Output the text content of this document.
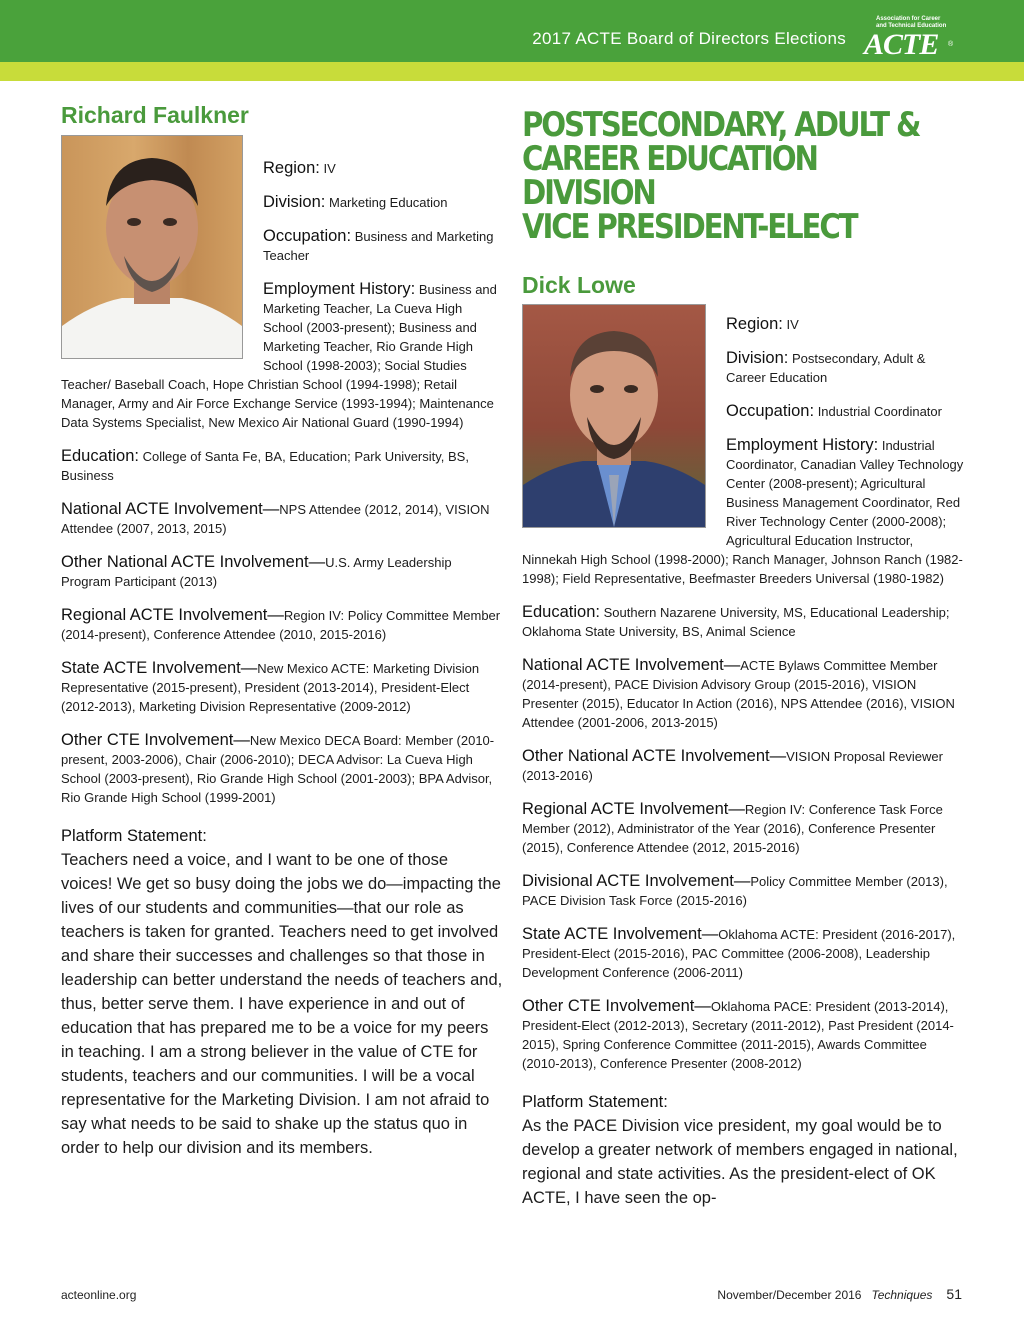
2017 ACTE Board of Directors Elections
Association for Career
and Technical Education
ACTE ®
Richard Faulkner

Region: IV

Division: Marketing Education

Occupation: Business and Marketing Teacher

Employment History: Business and Marketing Teacher, La Cueva High School (2003-present); Business and Marketing Teacher, Rio Grande High School (1998-2003); Social Studies Teacher/ Baseball Coach, Hope Christian School (1994-1998); Retail Manager, Army and Air Force Exchange Service (1993-1994); Maintenance Data Systems Specialist, New Mexico Air National Guard (1990-1994)

Education: College of Santa Fe, BA, Education; Park University, BS, Business

National ACTE Involvement—NPS Attendee (2012, 2014), VISION Attendee (2007, 2013, 2015)

Other National ACTE Involvement—U.S. Army Leadership Program Participant (2013)

Regional ACTE Involvement—Region IV: Policy Committee Member (2014-present), Conference Attendee (2010, 2015-2016)

State ACTE Involvement—New Mexico ACTE: Marketing Division Representative (2015-present), President (2013-2014), President-Elect (2012-2013), Marketing Division Representative (2009-2012)

Other CTE Involvement—New Mexico DECA Board: Member (2010-present, 2003-2006), Chair (2006-2010); DECA Advisor: La Cueva High School (2003-present), Rio Grande High School (2001-2003); BPA Advisor, Rio Grande High School (1999-2001)

Platform Statement:

Teachers need a voice, and I want to be one of those voices! We get so busy doing the jobs we do—impacting the lives of our students and communities—that our role as teachers is taken for granted. Teachers need to get involved and share their successes and challenges so that those in leadership can better understand the needs of teachers and, thus, better serve them. I have experience in and out of education that has prepared me to be a voice for my peers in teaching. I am a strong believer in the value of CTE for students, teachers and our communities. I will be a vocal representative for the Marketing Division. I am not afraid to say what needs to be said to shake up the status quo in order to help our division and its members.

POSTSECONDARY, ADULT &
CAREER EDUCATION DIVISION
VICE PRESIDENT-ELECT
Dick Lowe

Region: IV

Division: Postsecondary, Adult & Career Education

Occupation: Industrial Coordinator

Employment History: Industrial Coordinator, Canadian Valley Technology Center (2008-present); Agricultural Business Management Coordinator, Red River Technology Center (2000-2008); Agricultural Education Instructor, Ninnekah High School (1998-2000); Ranch Manager, Johnson Ranch (1982-1998); Field Representative, Beefmaster Breeders Universal (1980-1982)

Education: Southern Nazarene University, MS, Educational Leadership; Oklahoma State University, BS, Animal Science

National ACTE Involvement—ACTE Bylaws Committee Member (2014-present), PACE Division Advisory Group (2015-2016), VISION Presenter (2015), Educator In Action (2016), NPS Attendee (2016), VISION Attendee (2001-2006, 2013-2015)

Other National ACTE Involvement—VISION Proposal Reviewer (2013-2016)

Regional ACTE Involvement—Region IV: Conference Task Force Member (2012), Administrator of the Year (2016), Conference Presenter (2015), Conference Attendee (2012, 2015-2016)

Divisional ACTE Involvement—Policy Committee Member (2013), PACE Division Task Force (2015-2016)

State ACTE Involvement—Oklahoma ACTE: President (2016-2017), President-Elect (2015-2016), PAC Committee (2006-2008), Leadership Development Conference (2006-2011)

Other CTE Involvement—Oklahoma PACE: President (2013-2014), President-Elect (2012-2013), Secretary (2011-2012), Past President (2014-2015), Spring Conference Committee (2011-2015), Awards Committee (2010-2013), Conference Presenter (2008-2012)

Platform Statement:

As the PACE Division vice president, my goal would be to develop a greater network of members engaged in national, regional and state activities. As the president-elect of OK ACTE, I have seen the op-

acteonline.org	November/December 2016 Techniques 51
